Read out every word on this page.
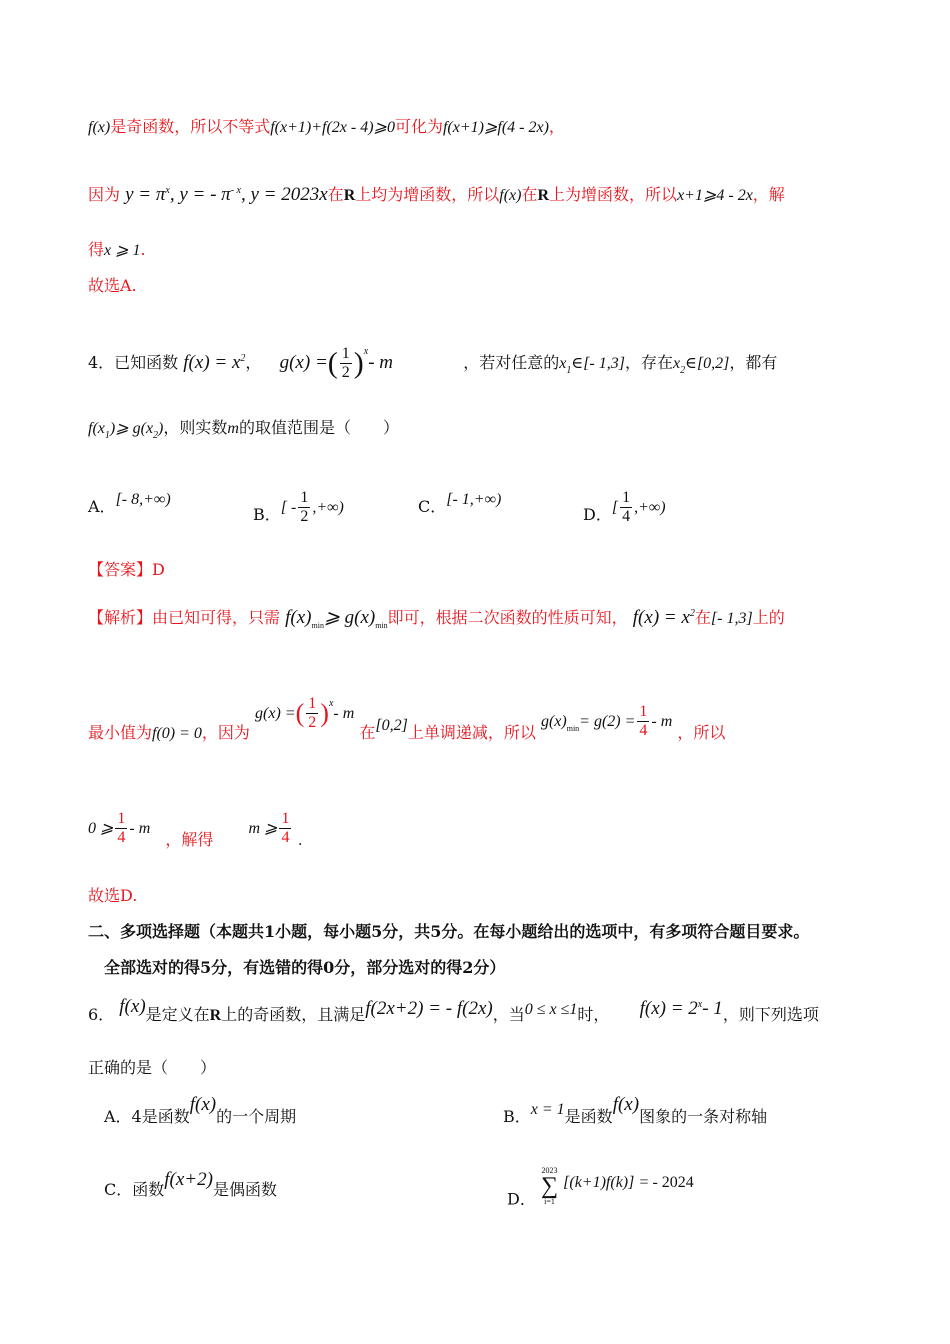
f(x)是奇函数，所以不等式f(x+1)+f(2x - 4)⩾0可化为f(x+1)⩾f(4 - 2x)，
因为 $y = \pi^x$, y = - $\pi^{- x}$, y = 2023x在R上均为增函数，所以f(x)在R上为增函数，所以x+1⩾4 - 2x，解
得x ⩾ 1.
故选A.
4．已知函数 $f(x) = x^2$， g(x) =( $\frac{1}{2} )^x-$ m	，若对任意的$x_1\in[-$ 1,3]，存在$x_2\in[0,2]$，都有
$f(x_1)⩾$ $g(x_2)$，则实数m的取值范围是（　　）
A．[- 8,+∞)
B．[ - $\frac{1}{2}$ ,+∞)	C．[- 1,+∞)
D．[ $\frac{1}{4}$ ,+∞)
【答案】D
【解析】由已知可得，只需 $f(x)_{min}⩾$ $g(x)_{min}$即可，根据二次函数的性质可知， $f(x) = x^2$在[- 1,3]上的
最小值为f(0) = 0，因为 g(x) =( $\frac{1}{2} )^x-$ m 在[0,2]上单调递减，所以 $g(x)_{min}= g(2) = \frac{1}{4} - m$ ，所以
0 ⩾ $\frac{1}{4}$ - m ，解得 m ⩾ $\frac{1}{4}$ .
故选D.
二、多项选择题（本题共1小题，每小题5分，共5分。在每小题给出的选项中，有多项符合题目要求。
全部选对的得5分，有选错的得0分，部分选对的得2分）
6． f(x)是定义在R上的奇函数，且满足f(2x+2) = - f(2x)，当0 ≤ x ≤1时， $f(x) = 2^x-$ 1，则下列选项
正确的是（　　）
A．4是函数f(x)的一个周期	B．x = 1是函数f(x)图象的一条对称轴
C．函数f(x+2)是偶函数	D．
2023
∑
i=1
[(k+1)f(k)] = - 2024
